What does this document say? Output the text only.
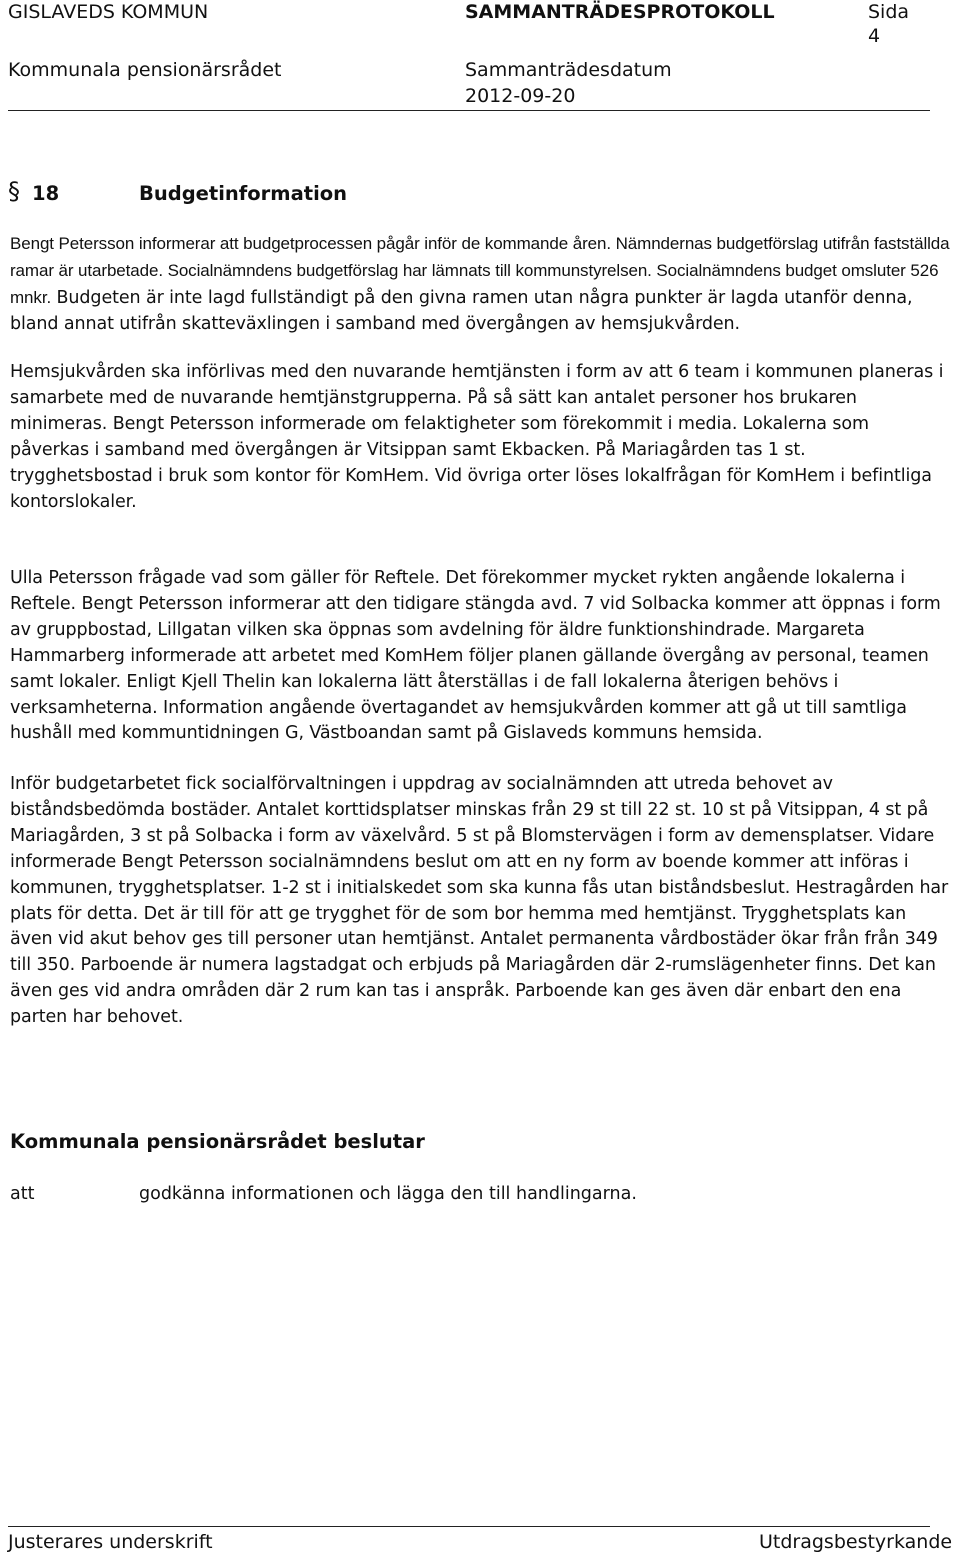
GISLAVEDS KOMMUN	SAMMANTRÄDESPROTOKOLL	Sida
4
Kommunala pensionärsrådet	Sammanträdesdatum
2012-09-20
§ 18	Budgetinformation

Bengt Petersson informerar att budgetprocessen pågår inför de kommande åren. Nämndernas budgetförslag utifrån fastställda ramar är utarbetade. Socialnämndens budgetförslag har lämnats till kommunstyrelsen. Socialnämndens budget omsluter 526 mnkr. Budgeten är inte lagd fullständigt på den givna ramen utan några punkter är lagda utanför denna, bland annat utifrån skatteväxlingen i samband med övergången av hemsjukvården.

Hemsjukvården ska införlivas med den nuvarande hemtjänsten i form av att 6 team i kommunen planeras i samarbete med de nuvarande hemtjänstgrupperna. På så sätt kan antalet personer hos brukaren minimeras. Bengt Petersson informerade om felaktigheter som förekommit i media. Lokalerna som påverkas i samband med övergången är Vitsippan samt Ekbacken. På Mariagården tas 1 st. trygghetsbostad i bruk som kontor för KomHem. Vid övriga orter löses lokalfrågan för KomHem i befintliga kontorslokaler.

Ulla Petersson frågade vad som gäller för Reftele. Det förekommer mycket rykten angående lokalerna i Reftele. Bengt Petersson informerar att den tidigare stängda avd. 7 vid Solbacka kommer att öppnas i form av gruppbostad, Lillgatan vilken ska öppnas som avdelning för äldre funktionshindrade. Margareta Hammarberg informerade att arbetet med KomHem följer planen gällande övergång av personal, teamen samt lokaler. Enligt Kjell Thelin kan lokalerna lätt återställas i de fall lokalerna återigen behövs i verksamheterna. Information angående övertagandet av hemsjukvården kommer att gå ut till samtliga hushåll med kommuntidningen G, Västboandan samt på Gislaveds kommuns hemsida.

Inför budgetarbetet fick socialförvaltningen i uppdrag av socialnämnden att utreda behovet av biståndsbedömda bostäder. Antalet korttidsplatser minskas från 29 st till 22 st. 10 st på Vitsippan, 4 st på Mariagården, 3 st på Solbacka i form av växelvård. 5 st på Blomstervägen i form av demensplatser. Vidare informerade Bengt Petersson socialnämndens beslut om att en ny form av boende kommer att införas i kommunen, trygghetsplatser. 1-2 st i initialskedet som ska kunna fås utan biståndsbeslut. Hestragården har plats för detta. Det är till för att ge trygghet för de som bor hemma med hemtjänst. Trygghetsplats kan även vid akut behov ges till personer utan hemtjänst. Antalet permanenta vårdbostäder ökar från från 349 till 350. Parboende är numera lagstadgat och erbjuds på Mariagården där 2-rumslägenheter finns. Det kan även ges vid andra områden där 2 rum kan tas i anspråk. Parboende kan ges även där enbart den ena parten har behovet.

Kommunala pensionärsrådet beslutar
att	godkänna informationen och lägga den till handlingarna.
Justerares underskrift	Utdragsbestyrkande
